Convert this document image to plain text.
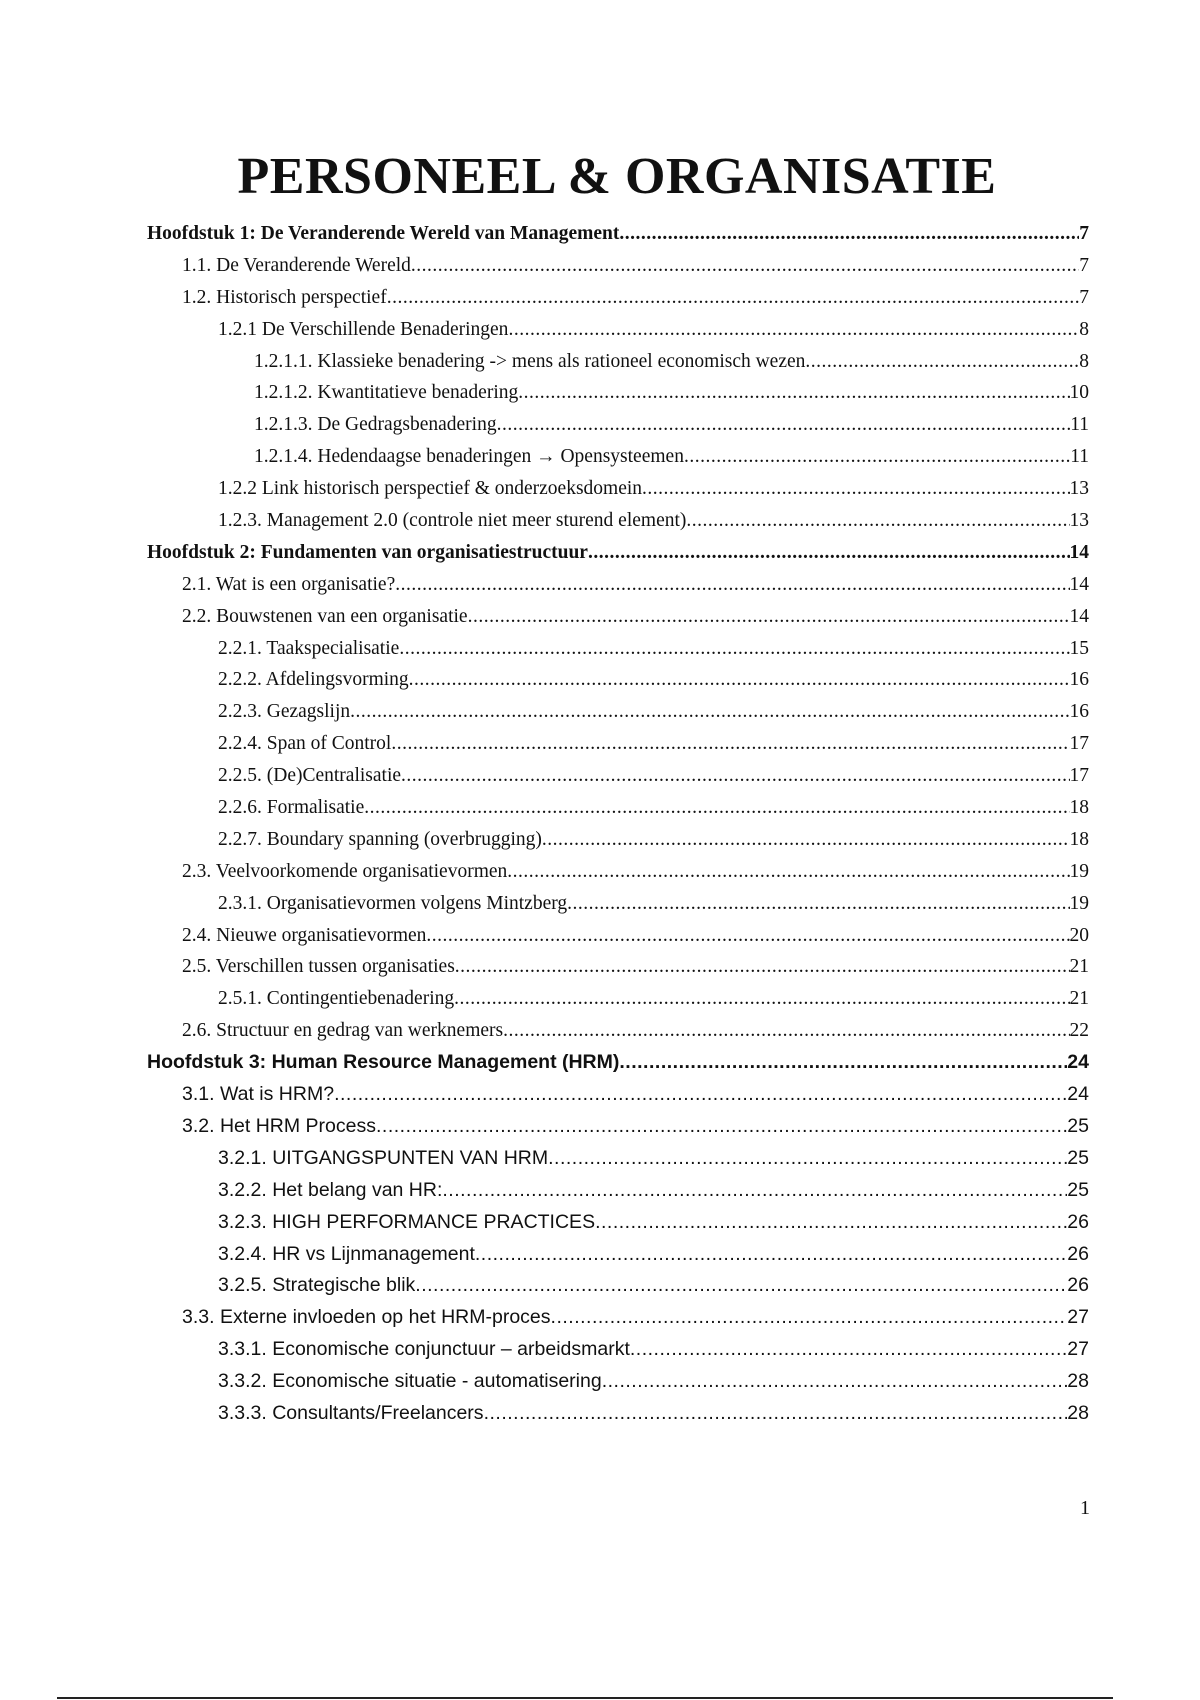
PERSONEEL & ORGANISATIE
Hoofdstuk 1: De Veranderende Wereld van Management .....	7
1.1. De Veranderende Wereld .....	7
1.2. Historisch perspectief .....	7
1.2.1 De Verschillende Benaderingen .....	8
1.2.1.1. Klassieke benadering -> mens als rationeel economisch wezen .....	8
1.2.1.2. Kwantitatieve benadering .....	10
1.2.1.3. De Gedragsbenadering .....	11
1.2.1.4. Hedendaagse benaderingen → Opensysteemen .....	11
1.2.2 Link historisch perspectief & onderzoeksdomein .....	13
1.2.3. Management 2.0 (controle niet meer sturend element) .....	13
Hoofdstuk 2: Fundamenten van organisatiestructuur .....	14
2.1. Wat is een organisatie? .....	14
2.2. Bouwstenen van een organisatie .....	14
2.2.1. Taakspecialisatie .....	15
2.2.2. Afdelingsvorming .....	16
2.2.3. Gezagslijn .....	16
2.2.4. Span of Control .....	17
2.2.5. (De)Centralisatie .....	17
2.2.6. Formalisatie .....	18
2.2.7. Boundary spanning (overbrugging) .....	18
2.3. Veelvoorkomende organisatievormen .....	19
2.3.1. Organisatievormen volgens Mintzberg .....	19
2.4. Nieuwe organisatievormen .....	20
2.5. Verschillen tussen organisaties .....	21
2.5.1. Contingentiebenadering .....	21
2.6. Structuur en gedrag van werknemers .....	22
Hoofdstuk 3: Human Resource Management (HRM) .....	24
3.1. Wat is HRM? .....	24
3.2. Het HRM Process .....	25
3.2.1. UITGANGSPUNTEN VAN HRM .....	25
3.2.2. Het belang van HR: .....	25
3.2.3. HIGH PERFORMANCE PRACTICES .....	26
3.2.4. HR vs Lijnmanagement .....	26
3.2.5. Strategische blik .....	26
3.3. Externe invloeden op het HRM-proces .....	27
3.3.1. Economische conjunctuur – arbeidsmarkt .....	27
3.3.2. Economische situatie - automatisering .....	28
3.3.3. Consultants/Freelancers .....	28
1
